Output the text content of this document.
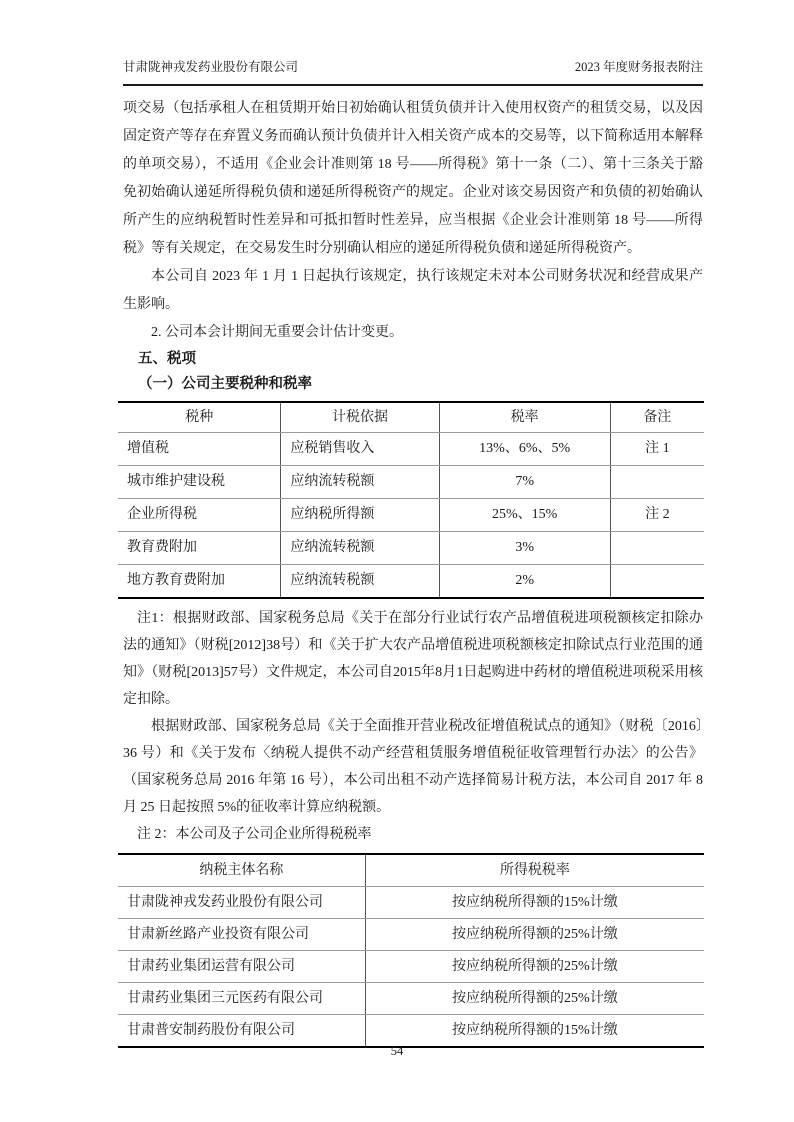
甘肃陇神戎发药业股份有限公司	2023 年度财务报表附注

项交易（包括承租人在租赁期开始日初始确认租赁负债并计入使用权资产的租赁交易，以及因固定资产等存在弃置义务而确认预计负债并计入相关资产成本的交易等，以下简称适用本解释的单项交易），不适用《企业会计准则第 18 号——所得税》第十一条（二）、第十三条关于豁免初始确认递延所得税负债和递延所得税资产的规定。企业对该交易因资产和负债的初始确认所产生的应纳税暂时性差异和可抵扣暂时性差异，应当根据《企业会计准则第 18 号——所得税》等有关规定，在交易发生时分别确认相应的递延所得税负债和递延所得税资产。

本公司自 2023 年 1 月 1 日起执行该规定，执行该规定未对本公司财务状况和经营成果产生影响。

2. 公司本会计期间无重要会计估计变更。

五、税项
（一）公司主要税种和税率
税种	计税依据	税率	备注
增值税	应税销售收入	13%、6%、5%	注 1
城市维护建设税	应纳流转税额	7%	
企业所得税	应纳税所得额	25%、15%	注 2
教育费附加	应纳流转税额	3%	
地方教育费附加	应纳流转税额	2%	

注1：根据财政部、国家税务总局《关于在部分行业试行农产品增值税进项税额核定扣除办法的通知》（财税[2012]38号）和《关于扩大农产品增值税进项税额核定扣除试点行业范围的通知》（财税[2013]57号）文件规定，本公司自2015年8月1日起购进中药材的增值税进项税采用核定扣除。

根据财政部、国家税务总局《关于全面推开营业税改征增值税试点的通知》（财税〔2016〕36 号）和《关于发布〈纳税人提供不动产经营租赁服务增值税征收管理暂行办法〉的公告》（国家税务总局 2016 年第 16 号），本公司出租不动产选择简易计税方法，本公司自 2017 年 8 月 25 日起按照 5%的征收率计算应纳税额。

注 2：本公司及子公司企业所得税税率

纳税主体名称	所得税税率
甘肃陇神戎发药业股份有限公司	按应纳税所得额的15%计缴
甘肃新丝路产业投资有限公司	按应纳税所得额的25%计缴
甘肃药业集团运营有限公司	按应纳税所得额的25%计缴
甘肃药业集团三元医药有限公司	按应纳税所得额的25%计缴
甘肃普安制药股份有限公司	按应纳税所得额的15%计缴
54
